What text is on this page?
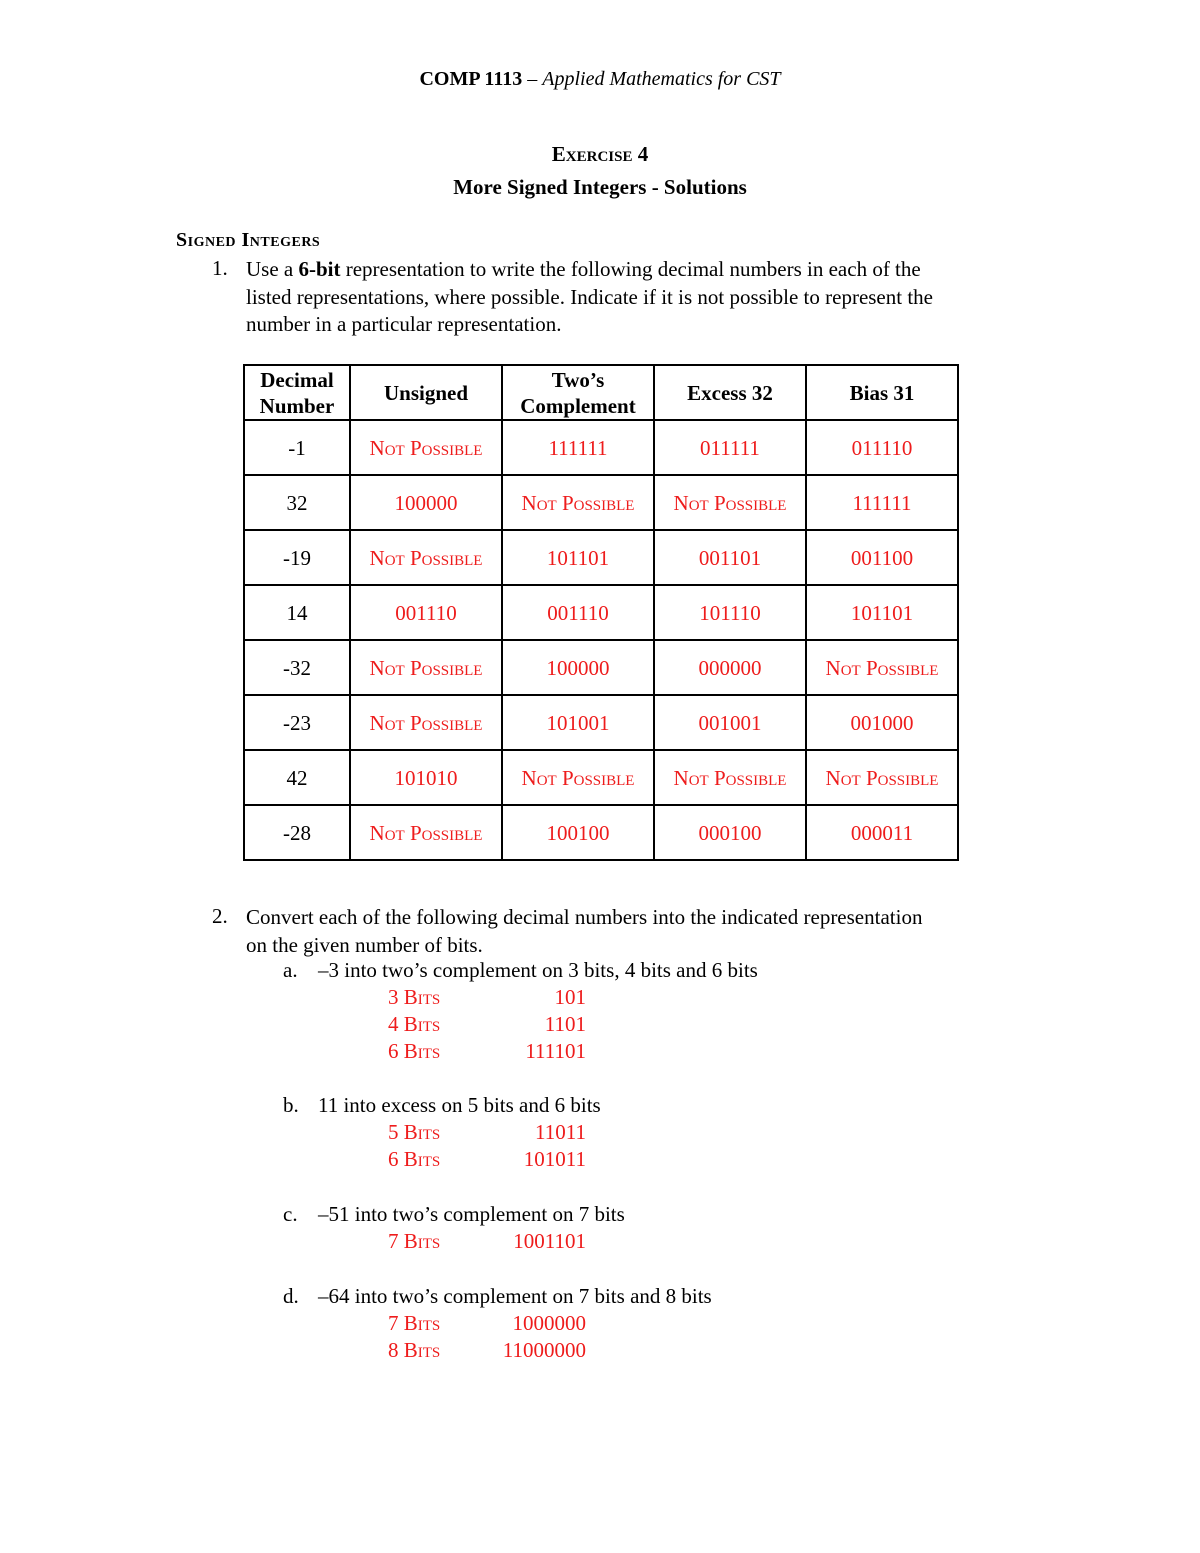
COMP 1113 – Applied Mathematics for CST
Exercise 4
More Signed Integers - Solutions
Signed Integers
1. Use a 6-bit representation to write the following decimal numbers in each of the
listed representations, where possible. Indicate if it is not possible to represent the
number in a particular representation.
Decimal Number	Unsigned	Two’s Complement	Excess 32	Bias 31
-1	Not Possible	111111	011111	011110
32	100000	Not Possible	Not Possible	111111
-19	Not Possible	101101	001101	001100
14	001110	001110	101110	101101
-32	Not Possible	100000	000000	Not Possible
-23	Not Possible	101001	001001	001000
42	101010	Not Possible	Not Possible	Not Possible
-28	Not Possible	100100	000100	000011
2. Convert each of the following decimal numbers into the indicated representation
on the given number of bits.
a. –3 into two’s complement on 3 bits, 4 bits and 6 bits
3 Bits	101
4 Bits	1101
6 Bits	111101
b. 11 into excess on 5 bits and 6 bits
5 Bits	11011
6 Bits	101011
c. –51 into two’s complement on 7 bits
7 Bits	1001101
d. –64 into two’s complement on 7 bits and 8 bits
7 Bits	1000000
8 Bits	11000000
